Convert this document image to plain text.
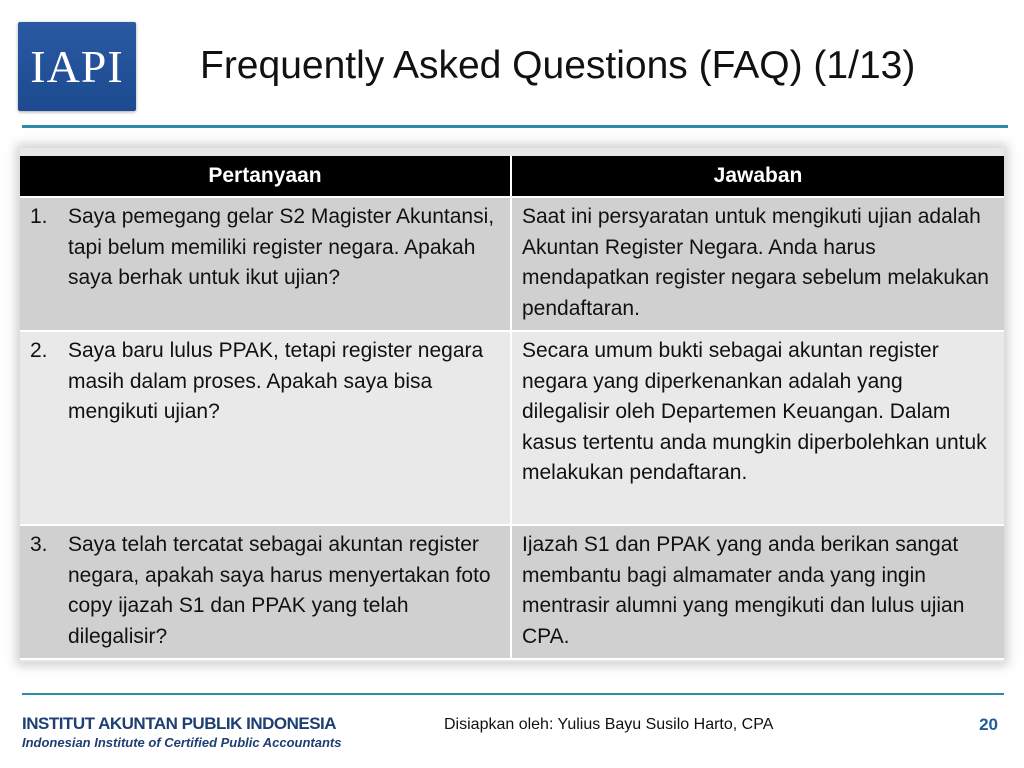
IAPI Frequently Asked Questions (FAQ) (1/13)
Pertanyaan	Jawaban

1. Saya pemegang gelar S2 Magister Akuntansi, tapi belum memiliki register negara. Apakah saya berhak untuk ikut ujian?	Saat ini persyaratan untuk mengikuti ujian adalah Akuntan Register Negara. Anda harus mendapatkan register negara sebelum melakukan pendaftaran.

2. Saya baru lulus PPAK, tetapi register negara masih dalam proses. Apakah saya bisa mengikuti ujian?	Secara umum bukti sebagai akuntan register negara yang diperkenankan adalah yang dilegalisir oleh Departemen Keuangan. Dalam kasus tertentu anda mungkin diperbolehkan untuk melakukan pendaftaran.

3. Saya telah tercatat sebagai akuntan register negara, apakah saya harus menyertakan foto copy ijazah S1 dan PPAK yang telah dilegalisir?	Ijazah S1 dan PPAK yang anda berikan sangat membantu bagi almamater anda yang ingin mentrasir alumni yang mengikuti dan lulus ujian CPA.
INSTITUT AKUNTAN PUBLIK INDONESIA
Indonesian Institute of Certified Public Accountants
Disiapkan oleh: Yulius Bayu Susilo Harto, CPA	20
